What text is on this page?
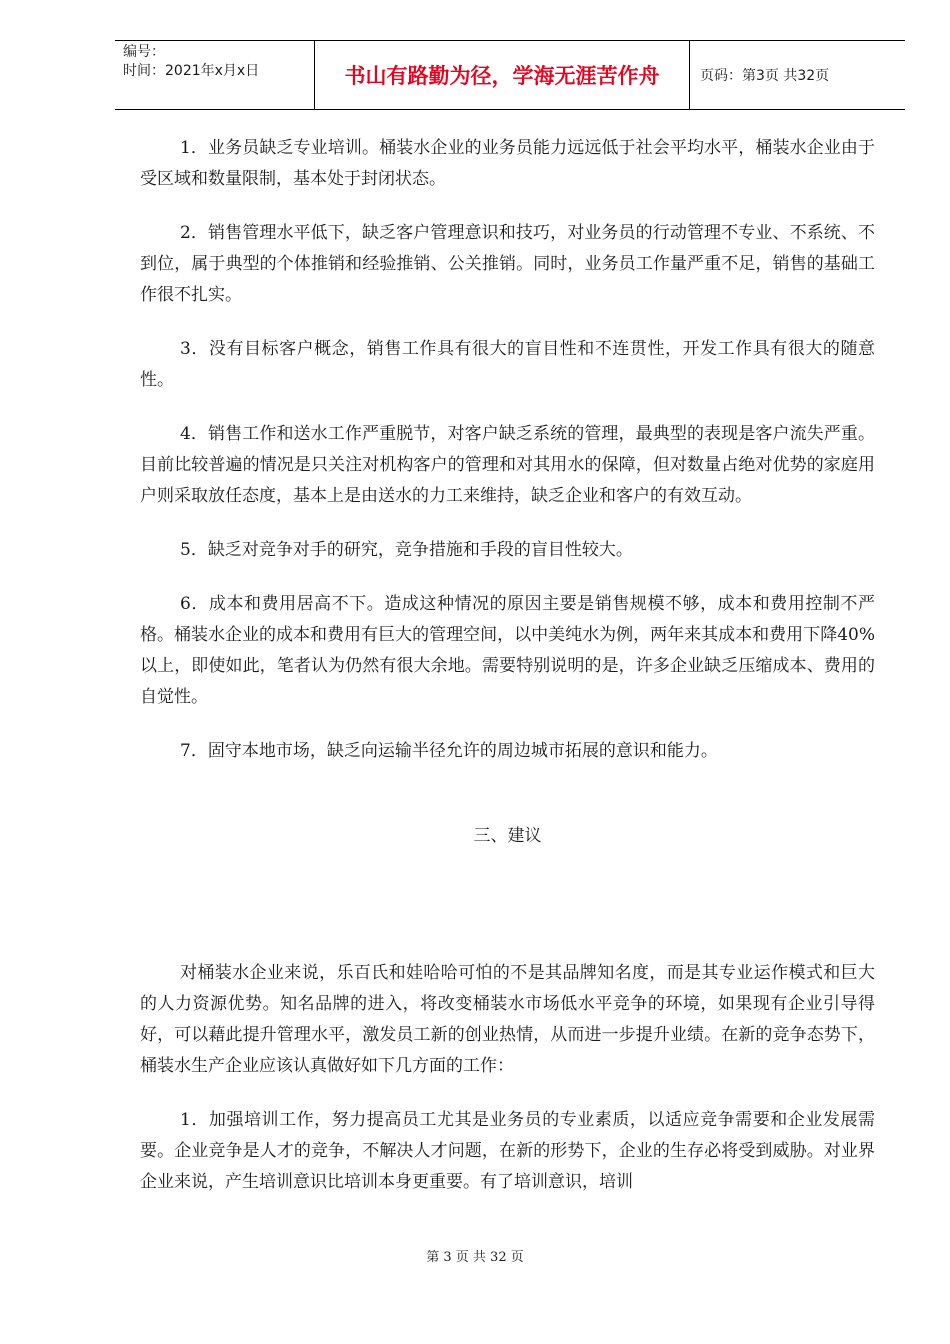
编号：
时间：2021年x月x日	书山有路勤为径，学海无涯苦作舟	页码：第3页 共32页

1．业务员缺乏专业培训。桶装水企业的业务员能力远远低于社会平均水平，桶装水企业由于受区域和数量限制，基本处于封闭状态。

2．销售管理水平低下，缺乏客户管理意识和技巧，对业务员的行动管理不专业、不系统、不到位，属于典型的个体推销和经验推销、公关推销。同时，业务员工作量严重不足，销售的基础工作很不扎实。

3．没有目标客户概念，销售工作具有很大的盲目性和不连贯性，开发工作具有很大的随意性。

4．销售工作和送水工作严重脱节，对客户缺乏系统的管理，最典型的表现是客户流失严重。目前比较普遍的情况是只关注对机构客户的管理和对其用水的保障，但对数量占绝对优势的家庭用户则采取放任态度，基本上是由送水的力工来维持，缺乏企业和客户的有效互动。

5．缺乏对竞争对手的研究，竞争措施和手段的盲目性较大。

6．成本和费用居高不下。造成这种情况的原因主要是销售规模不够，成本和费用控制不严格。桶装水企业的成本和费用有巨大的管理空间，以中美纯水为例，两年来其成本和费用下降40%以上，即使如此，笔者认为仍然有很大余地。需要特别说明的是，许多企业缺乏压缩成本、费用的自觉性。

7．固守本地市场，缺乏向运输半径允许的周边城市拓展的意识和能力。

三、建议

对桶装水企业来说，乐百氏和娃哈哈可怕的不是其品牌知名度，而是其专业运作模式和巨大的人力资源优势。知名品牌的进入，将改变桶装水市场低水平竞争的环境，如果现有企业引导得好，可以藉此提升管理水平，激发员工新的创业热情，从而进一步提升业绩。在新的竞争态势下，桶装水生产企业应该认真做好如下几方面的工作：

1．加强培训工作，努力提高员工尤其是业务员的专业素质，以适应竞争需要和企业发展需要。企业竞争是人才的竞争，不解决人才问题，在新的形势下，企业的生存必将受到威胁。对业界企业来说，产生培训意识比培训本身更重要。有了培训意识，培训

第 3 页 共 32 页
